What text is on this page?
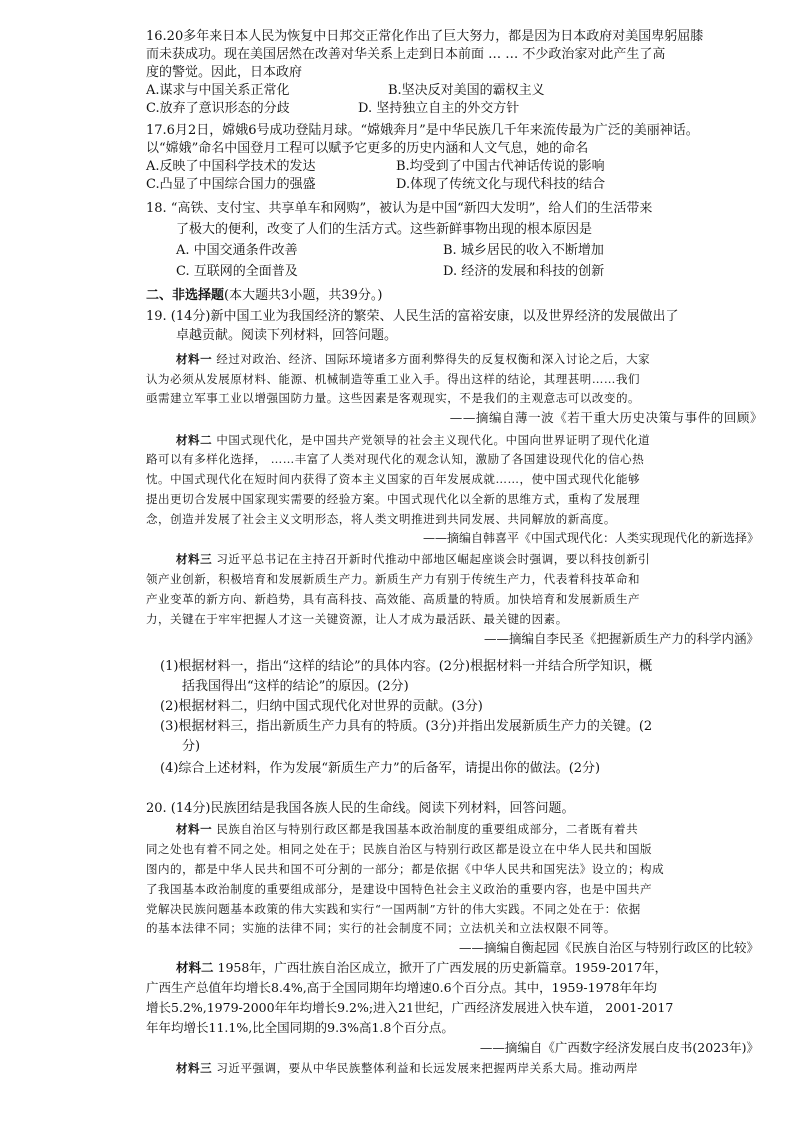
16.20多年来日本人民为恢复中日邦交正常化作出了巨大努力，都是因为日本政府对美国卑躬屈膝
而未获成功。现在美国居然在改善对华关系上走到日本前面 … … 不少政治家对此产生了高
度的警觉。因此，日本政府
A.谋求与中国关系正常化	B.坚决反对美国的霸权主义
C.放弃了意识形态的分歧	D. 坚持独立自主的外交方针
17.6月2日，嫦娥6号成功登陆月球。“嫦娥奔月”是中华民族几千年来流传最为广泛的美丽神话。
以“嫦娥”命名中国登月工程可以赋予它更多的历史内涵和人文气息，她的命名
A.反映了中国科学技术的发达	B.均受到了中国古代神话传说的影响
C.凸显了中国综合国力的强盛	D.体现了传统文化与现代科技的结合
18. “高铁、支付宝、共享单车和网购”，被认为是中国“新四大发明”，给人们的生活带来
了极大的便利，改变了人们的生活方式。这些新鲜事物出现的根本原因是
A. 中国交通条件改善	B. 城乡居民的收入不断增加
C. 互联网的全面普及	D. 经济的发展和科技的创新
二、非选择题(本大题共3小题，共39分。)
19. (14分)新中国工业为我国经济的繁荣、人民生活的富裕安康，以及世界经济的发展做出了
卓越贡献。阅读下列材料，回答问题。
材料一 经过对政治、经济、国际环境诸多方面利弊得失的反复权衡和深入讨论之后，大家
认为必须从发展原材料、能源、机械制造等重工业入手。得出这样的结论，其理甚明……我们
亟需建立军事工业以增强国防力量。这些因素是客观现实，不是我们的主观意志可以改变的。
——摘编自薄一波《若干重大历史决策与事件的回顾》
材料二 中国式现代化，是中国共产党领导的社会主义现代化。中国向世界证明了现代化道
路可以有多样化选择， ……丰富了人类对现代化的观念认知，激励了各国建设现代化的信心热
忱。中国式现代化在短时间内获得了资本主义国家的百年发展成就……，使中国式现代化能够
提出更切合发展中国家现实需要的经验方案。中国式现代化以全新的思维方式，重构了发展理
念，创造并发展了社会主义文明形态，将人类文明推进到共同发展、共同解放的新高度。
——摘编自韩喜平《中国式现代化：人类实现现代化的新选择》
材料三 习近平总书记在主持召开新时代推动中部地区崛起座谈会时强调，要以科技创新引
领产业创新，积极培育和发展新质生产力。新质生产力有别于传统生产力，代表着科技革命和
产业变革的新方向、新趋势，具有高科技、高效能、高质量的特质。加快培育和发展新质生产
力，关键在于牢牢把握人才这一关键资源，让人才成为最活跃、最关键的因素。
——摘编自李民圣《把握新质生产力的科学内涵》
(1)根据材料一，指出“这样的结论”的具体内容。(2分)根据材料一并结合所学知识，概
括我国得出“这样的结论”的原因。(2分)
(2)根据材料二，归纳中国式现代化对世界的贡献。(3分)
(3)根据材料三，指出新质生产力具有的特质。(3分)并指出发展新质生产力的关键。(2
分)
(4)综合上述材料，作为发展“新质生产力”的后备军，请提出你的做法。(2分)
20. (14分)民族团结是我国各族人民的生命线。阅读下列材料，回答问题。
材料一 民族自治区与特别行政区都是我国基本政治制度的重要组成部分，二者既有着共
同之处也有着不同之处。相同之处在于；民族自治区与特别行政区都是设立在中华人民共和国版
图内的，都是中华人民共和国不可分割的一部分；都是依据《中华人民共和国宪法》设立的；构成
了我国基本政治制度的重要组成部分，是建设中国特色社会主义政治的重要内容，也是中国共产
党解决民族问题基本政策的伟大实践和实行“一国两制”方针的伟大实践。不同之处在于：依据
的基本法律不同；实施的法律不同；实行的社会制度不同；立法机关和立法权限不同等。
——摘编自衡起园《民族自治区与特别行政区的比较》
材料二 1958年，广西壮族自治区成立，掀开了广西发展的历史新篇章。1959-2017年，
广西生产总值年均增长8.4%,高于全国同期年均增速0.6个百分点。其中，1959-1978年年均
增长5.2%,1979-2000年年均增长9.2%;进入21世纪，广西经济发展进入快车道， 2001-2017
年年均增长11.1%,比全国同期的9.3%高1.8个百分点。
——摘编自《广西数字经济发展白皮书(2023年)》
材料三 习近平强调，要从中华民族整体利益和长远发展来把握两岸关系大局。推动两岸
